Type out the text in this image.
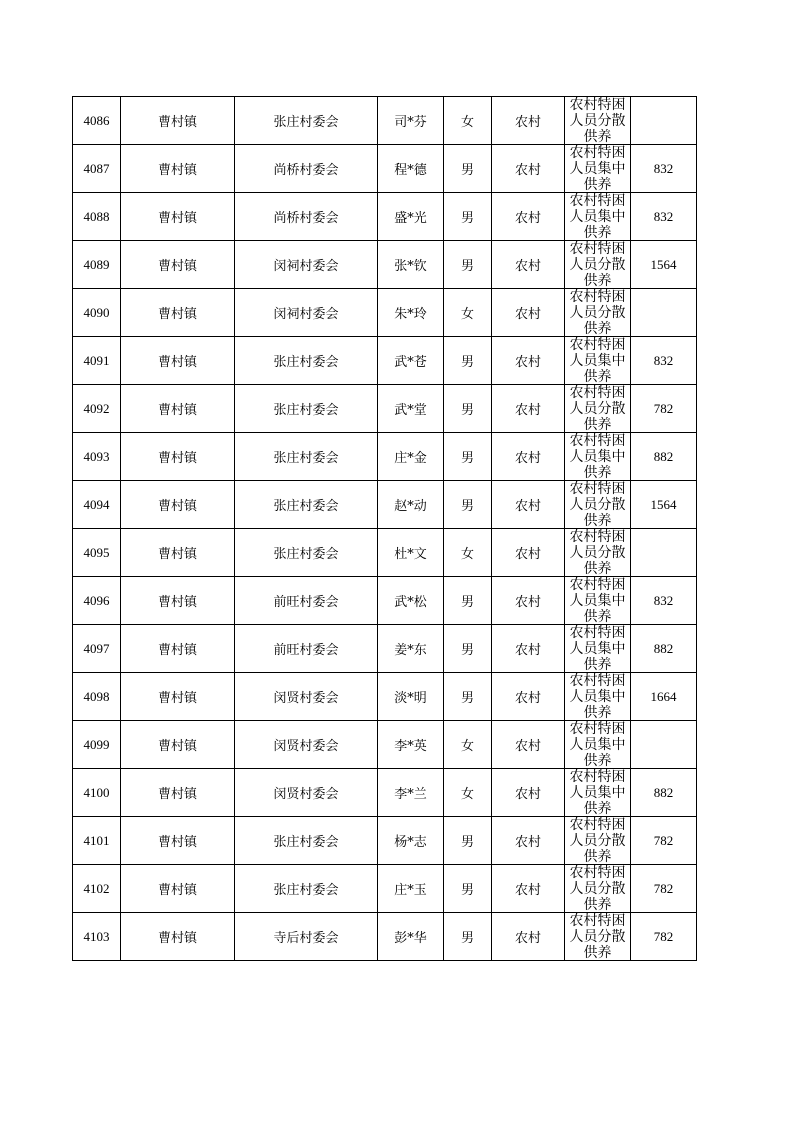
4086	曹村镇	张庄村委会	司*芬	女	农村	农村特困人员分散供养	

4087	曹村镇	尚桥村委会	程*德	男	农村	农村特困人员集中供养	832
4088	曹村镇	尚桥村委会	盛*光	男	农村	农村特困人员集中供养	832
4089	曹村镇	闵祠村委会	张*钦	男	农村	农村特困人员分散供养	1564
4090	曹村镇	闵祠村委会	朱*玲	女	农村	农村特困人员分散供养	

4091	曹村镇	张庄村委会	武*苍	男	农村	农村特困人员集中供养	832
4092	曹村镇	张庄村委会	武*堂	男	农村	农村特困人员分散供养	782
4093	曹村镇	张庄村委会	庄*金	男	农村	农村特困人员集中供养	882
4094	曹村镇	张庄村委会	赵*动	男	农村	农村特困人员分散供养	1564
4095	曹村镇	张庄村委会	杜*文	女	农村	农村特困人员分散供养	

4096	曹村镇	前旺村委会	武*松	男	农村	农村特困人员集中供养	832
4097	曹村镇	前旺村委会	姜*东	男	农村	农村特困人员集中供养	882
4098	曹村镇	闵贤村委会	淡*明	男	农村	农村特困人员集中供养	1664
4099	曹村镇	闵贤村委会	李*英	女	农村	农村特困人员集中供养	

4100	曹村镇	闵贤村委会	李*兰	女	农村	农村特困人员集中供养	882
4101	曹村镇	张庄村委会	杨*志	男	农村	农村特困人员分散供养	782
4102	曹村镇	张庄村委会	庄*玉	男	农村	农村特困人员分散供养	782
4103	曹村镇	寺后村委会	彭*华	男	农村	农村特困人员分散供养	782
